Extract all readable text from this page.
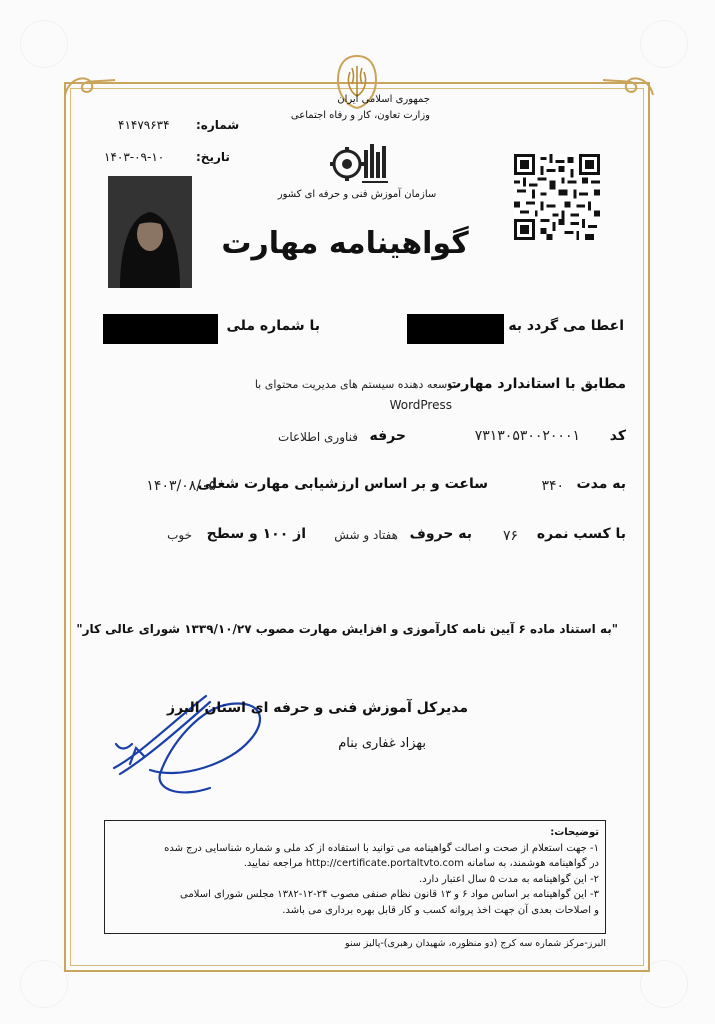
جمهوری اسلامی ایران
وزارت تعاون، کار و رفاه اجتماعی
سازمان آموزش فنی و حرفه ای کشور
شماره:
۴۱۴۷۹۶۳۴
تاریخ:
۱۴۰۳-۰۹-۱۰
گواهینامه مهارت
اعطا می گردد به
با شماره ملی
مطابق با استاندارد مهارت
توسعه دهنده سیستم های مدیریت محتوای با
WordPress
کد
۷۳۱۳۰۵۳۰۰۲۰۰۰۱
حرفه
فناوری اطلاعات
به مدت
۳۴۰
ساعت و بر اساس ارزشیابی مهارت شغلی
۱۴۰۳/۰۸/۰۵
با کسب نمره
۷۶
به حروف
هفتاد و شش
از ۱۰۰ و سطح
خوب
"به استناد ماده ۶ آیین نامه کارآموزی و افزایش مهارت مصوب ۱۳۳۹/۱۰/۲۷ شورای عالی کار"
مدیرکل آموزش فنی و حرفه ای استان البرز
بهزاد غفاری بنام
توضیحات:
۱- جهت استعلام از صحت و اصالت گواهینامه می توانید با استفاده از کد ملی و شماره شناسایی درج شده
در گواهینامه هوشمند، به سامانه http://certificate.portaltvto.com مراجعه نمایید.
۲- این گواهینامه به مدت ۵ سال اعتبار دارد.
۳- این گواهینامه بر اساس مواد ۶ و ۱۳ قانون نظام صنفی مصوب ۲۴-۱۲-۱۳۸۲ مجلس شورای اسلامی
و اصلاحات بعدی آن جهت اخذ پروانه کسب و کار قابل بهره برداری می باشد.
البرز-مرکز شماره سه کرج (دو منظوره، شهیدان رهبری)-پالیز سنو
